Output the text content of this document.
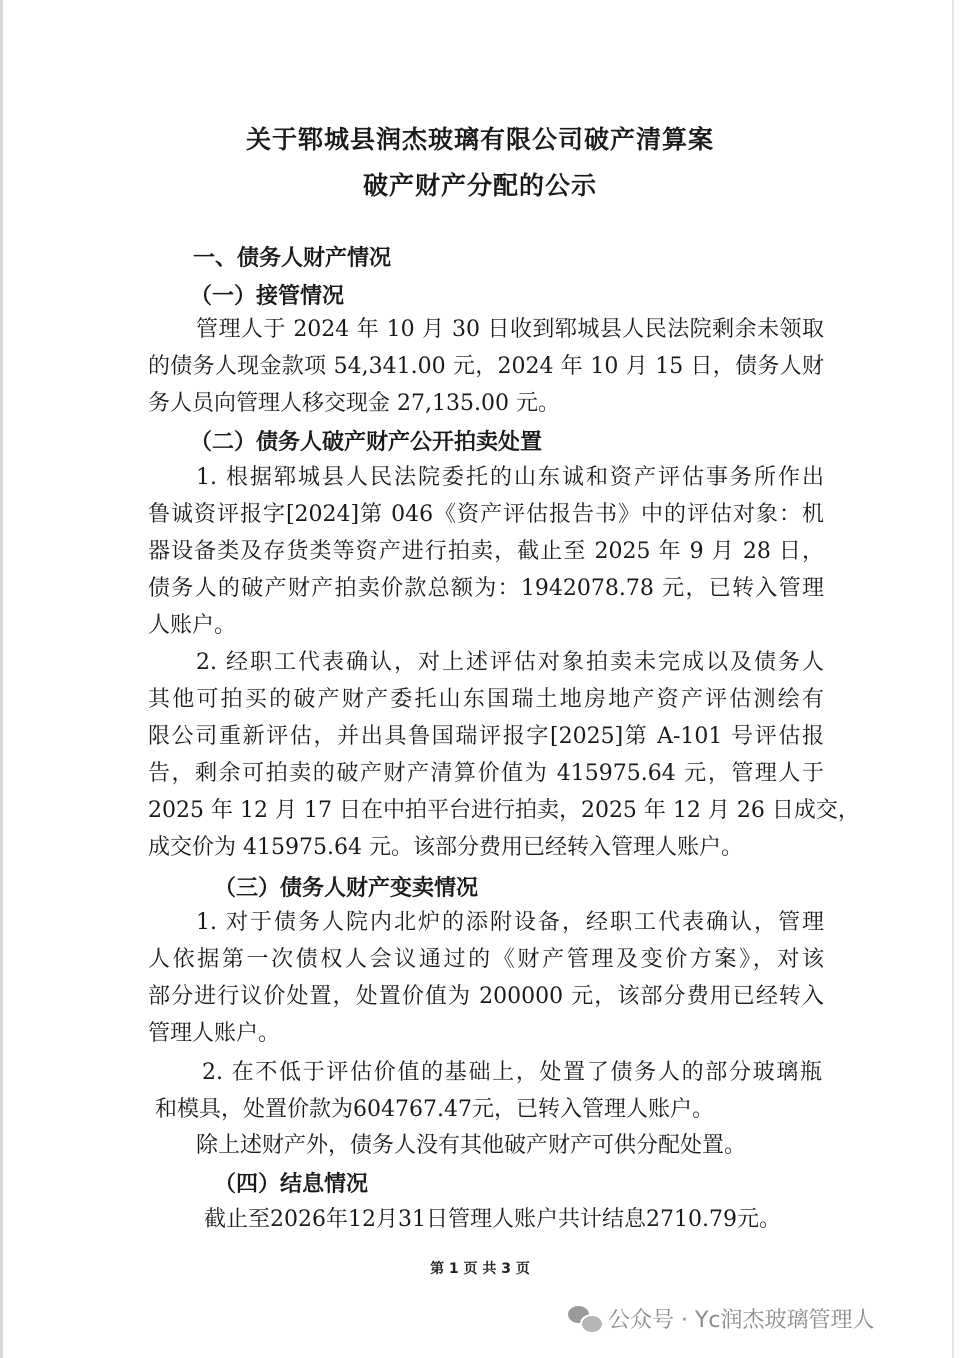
关于郓城县润杰玻璃有限公司破产清算案
破产财产分配的公示
一、债务人财产情况
（一）接管情况
管理人于 2024 年 10 月 30 日收到郓城县人民法院剩余未领取
的债务人现金款项 54,341.00 元，2024 年 10 月 15 日，债务人财
务人员向管理人移交现金 27,135.00 元。
（二）债务人破产财产公开拍卖处置
1. 根据郓城县人民法院委托的山东诚和资产评估事务所作出
鲁诚资评报字[2024]第 046《资产评估报告书》中的评估对象：机
器设备类及存货类等资产进行拍卖，截止至 2025 年 9 月 28 日，
债务人的破产财产拍卖价款总额为：1942078.78 元，已转入管理
人账户。
2. 经职工代表确认，对上述评估对象拍卖未完成以及债务人
其他可拍买的破产财产委托山东国瑞土地房地产资产评估测绘有
限公司重新评估，并出具鲁国瑞评报字[2025]第 A-101 号评估报
告，剩余可拍卖的破产财产清算价值为 415975.64 元，管理人于
2025 年 12 月 17 日在中拍平台进行拍卖，2025 年 12 月 26 日成交，
成交价为 415975.64 元。该部分费用已经转入管理人账户。
（三）债务人财产变卖情况
1. 对于债务人院内北炉的添附设备，经职工代表确认，管理
人依据第一次债权人会议通过的《财产管理及变价方案》，对该
部分进行议价处置，处置价值为 200000 元，该部分费用已经转入
管理人账户。
2. 在不低于评估价值的基础上，处置了债务人的部分玻璃瓶
和模具，处置价款为604767.47元，已转入管理人账户。
除上述财产外，债务人没有其他破产财产可供分配处置。
（四）结息情况
截止至2026年12月31日管理人账户共计结息2710.79元。
第 1 页 共 3 页
公众号 · Yc润杰玻璃管理人
